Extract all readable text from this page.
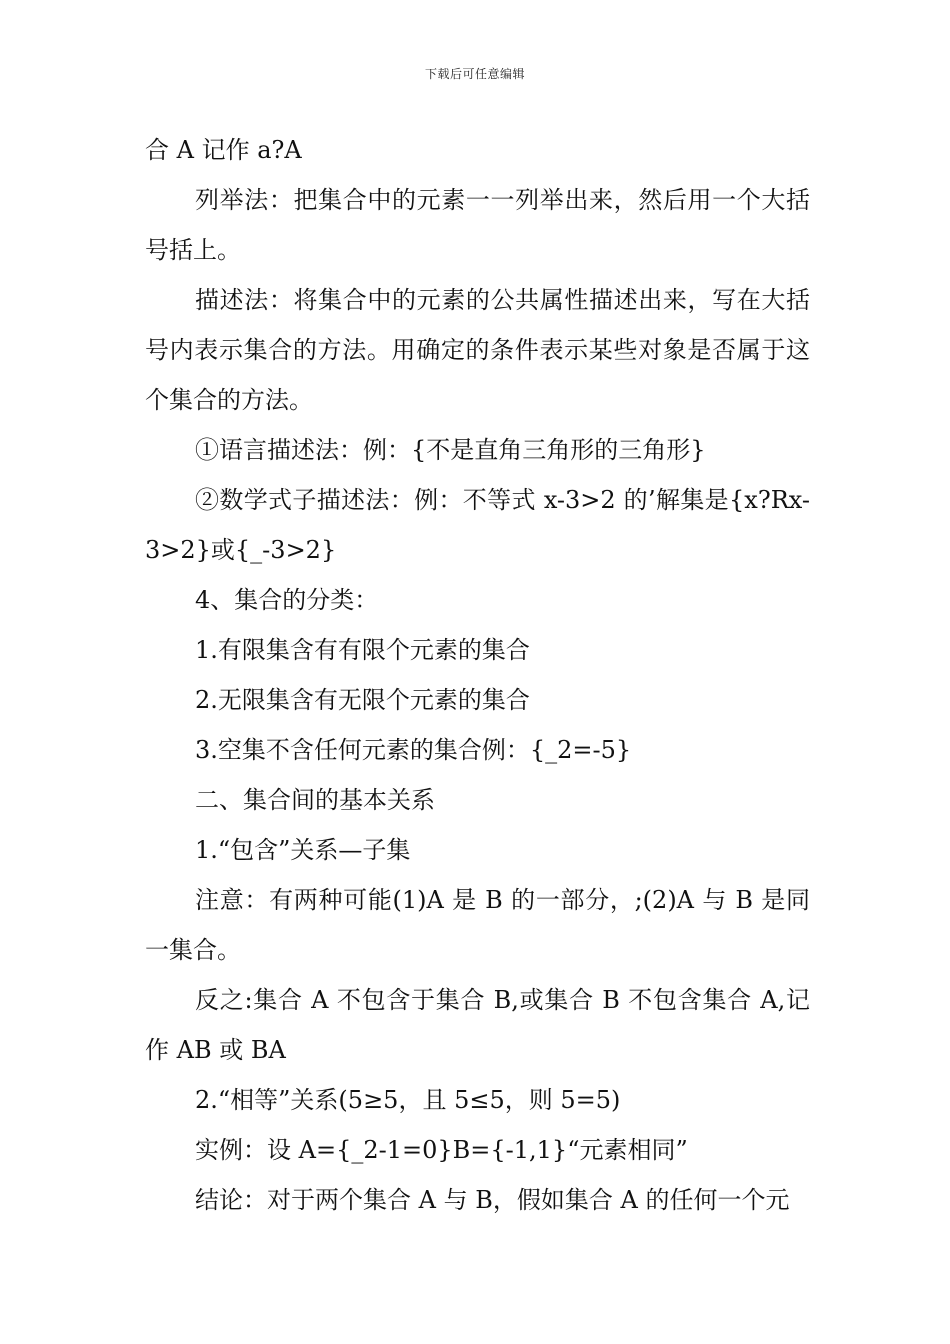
下载后可任意编辑

合 A 记作 a?A

列举法：把集合中的元素一一列举出来，然后用一个大括号括上。

描述法：将集合中的元素的公共属性描述出来，写在大括号内表示集合的方法。用确定的条件表示某些对象是否属于这个集合的方法。

①语言描述法：例：{不是直角三角形的三角形}

②数学式子描述法：例：不等式 x-3>2 的’解集是{x?Rx-3>2}或{_-3>2}

4、集合的分类：

1.有限集含有有限个元素的集合

2.无限集含有无限个元素的集合

3.空集不含任何元素的集合例：{_2=-5}

二、集合间的基本关系

1.“包含”关系—子集

注意：有两种可能(1)A 是 B 的一部分，;(2)A 与 B 是同一集合。

反之:集合 A 不包含于集合 B,或集合 B 不包含集合 A,记作 AB 或 BA

2.“相等”关系(5≥5，且 5≤5，则 5=5)

实例：设 A={_2-1=0}B={-1,1}“元素相同”

结论：对于两个集合 A 与 B，假如集合 A 的任何一个元
